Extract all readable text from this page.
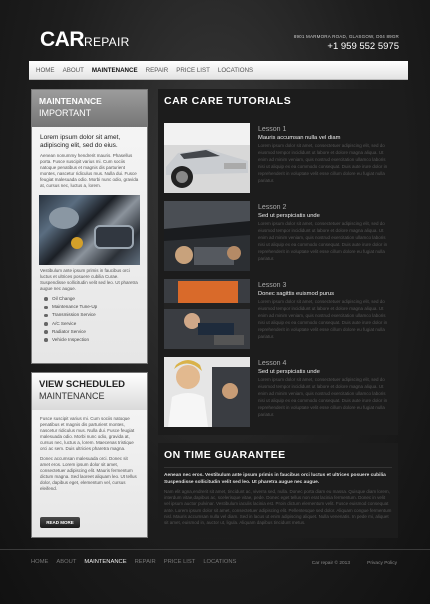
CARREPAIR	8901 MARMORA ROAD, GLASGOW, D04 89GR
+1 959 552 5975
HOME	ABOUT	MAINTENANCE	REPAIR	PRICE LIST	LOCATIONS
MAINTENANCE
IMPORTANT
Lorem ipsum dolor sit amet, adipiscing elit, sed do eius.
Aenean nonummy hendrerit mauris. Phasellus porta. Fusce suscipit varius mi. Cum sociis natoque penatibus et magnis dis parturient montes, nascetur ridiculus mus. Nulla dui. Fusce feugiat malesuada odio. Morbi nunc odio, gravida at, cursus nec, luctus a, lorem.
Vestibulum ante ipsum primis in faucibus orci luctus et ultrices posuere cubilia Curae. Suspendisse sollicitudin velit sed leo. Ut pharetra augue nec augue.
Oil Change
Maintenance Tune-Up
Transmission Service
A/C Service
Radiator Service
Vehicle Inspection
VIEW SCHEDULED
MAINTENANCE
Fusce suscipit varius mi. Cum sociis natoque penatibus et magnis dis parturient montes, nascetur ridiculus mus. Nulla dui. Fusce feugiat malesuada odio. Morbi nunc odio, gravida at, cursus nec, luctus a, lorem. Maecenas tristique orci ac sem. Duis ultricies pharetra magna.
Donec accumsan malesuada orci. Donec sit amet eros. Lorem ipsum dolor sit amet, consectetuer adipiscing elit. Mauris fermentum dictum magna. Sed laoreet aliquam leo. Ut tellus dolor, dapibus eget, elementum vel, cursus eleifend.
READ MORE
CAR CARE TUTORIALS
Lesson 1
Mauris accumsan nulla vel diam
Lorem ipsum dolor sit amet, consectetuer adipiscing elit, sed do eiusmod tempor incididunt ut labore et dolore magna aliqua. Ut enim ad minim veniam, quis nostrud exercitation ullamco laboris nisi ut aliquip ex ea commodo consequat. Duis aute irure dolor in reprehenderit in voluptate velit esse cillum dolore eu fugiat nulla pariatur.
Lesson 2
Sed ut perspiciatis unde
Lorem ipsum dolor sit amet, consectetuer adipiscing elit, sed do eiusmod tempor incididunt ut labore et dolore magna aliqua. Ut enim ad minim veniam, quis nostrud exercitation ullamco laboris nisi ut aliquip ex ea commodo consequat. Duis aute irure dolor in reprehenderit in voluptate velit esse cillum dolore eu fugiat nulla pariatur.
Lesson 3
Donec sagittis euismod purus
Lorem ipsum dolor sit amet, consectetuer adipiscing elit, sed do eiusmod tempor incididunt ut labore et dolore magna aliqua. Ut enim ad minim veniam, quis nostrud exercitation ullamco laboris nisi ut aliquip ex ea commodo consequat. Duis aute irure dolor in reprehenderit in voluptate velit esse cillum dolore eu fugiat nulla pariatur.
Lesson 4
Sed ut perspiciatis unde
Lorem ipsum dolor sit amet, consectetuer adipiscing elit, sed do eiusmod tempor incididunt ut labore et dolore magna aliqua. Ut enim ad minim veniam, quis nostrud exercitation ullamco laboris nisi ut aliquip ex ea commodo consequat. Duis aute irure dolor in reprehenderit in voluptate velit esse cillum dolore eu fugiat nulla pariatur.
ON TIME GUARANTEE
Aenean nec eros. Vestibulum ante ipsum primis in faucibus orci luctus et ultrices posuere cubilia Suspendisse sollicitudin velit sed leo. Ut pharetra augue nec augue.
Nam elit agna,endrerit sit amet, tincidunt ac, viverra sed, nulla. Donec porta diam eu massa. Quisque diam lorem, interdum vitae,dapibus ac, scelerisque vitae, pede. Donec eget tellus non erat lacinia fermentum. Donec in velit vel ipsum auctor pulvinar. Vestibulum iaculis lacinia est. Proin dictum elementum velit. Fusce euismod consequat ante. Lorem ipsum dolor sit amet, consectetuer adipiscing elit. Pellentesque sed dolor. Aliquam congue fermentum nisl. Mauris accumsan nulla vel diam. Sed in lacus ut enim adipiscing aliquet. Nulla venenatis. In pede mi, aliquet sit amet, euismod in, auctor ut, ligula. Aliquam dapibus tincidunt metus.
HOME	ABOUT	MAINTENANCE	REPAIR	PRICE LIST	LOCATIONS	Car repair © 2013	Privacy Policy
